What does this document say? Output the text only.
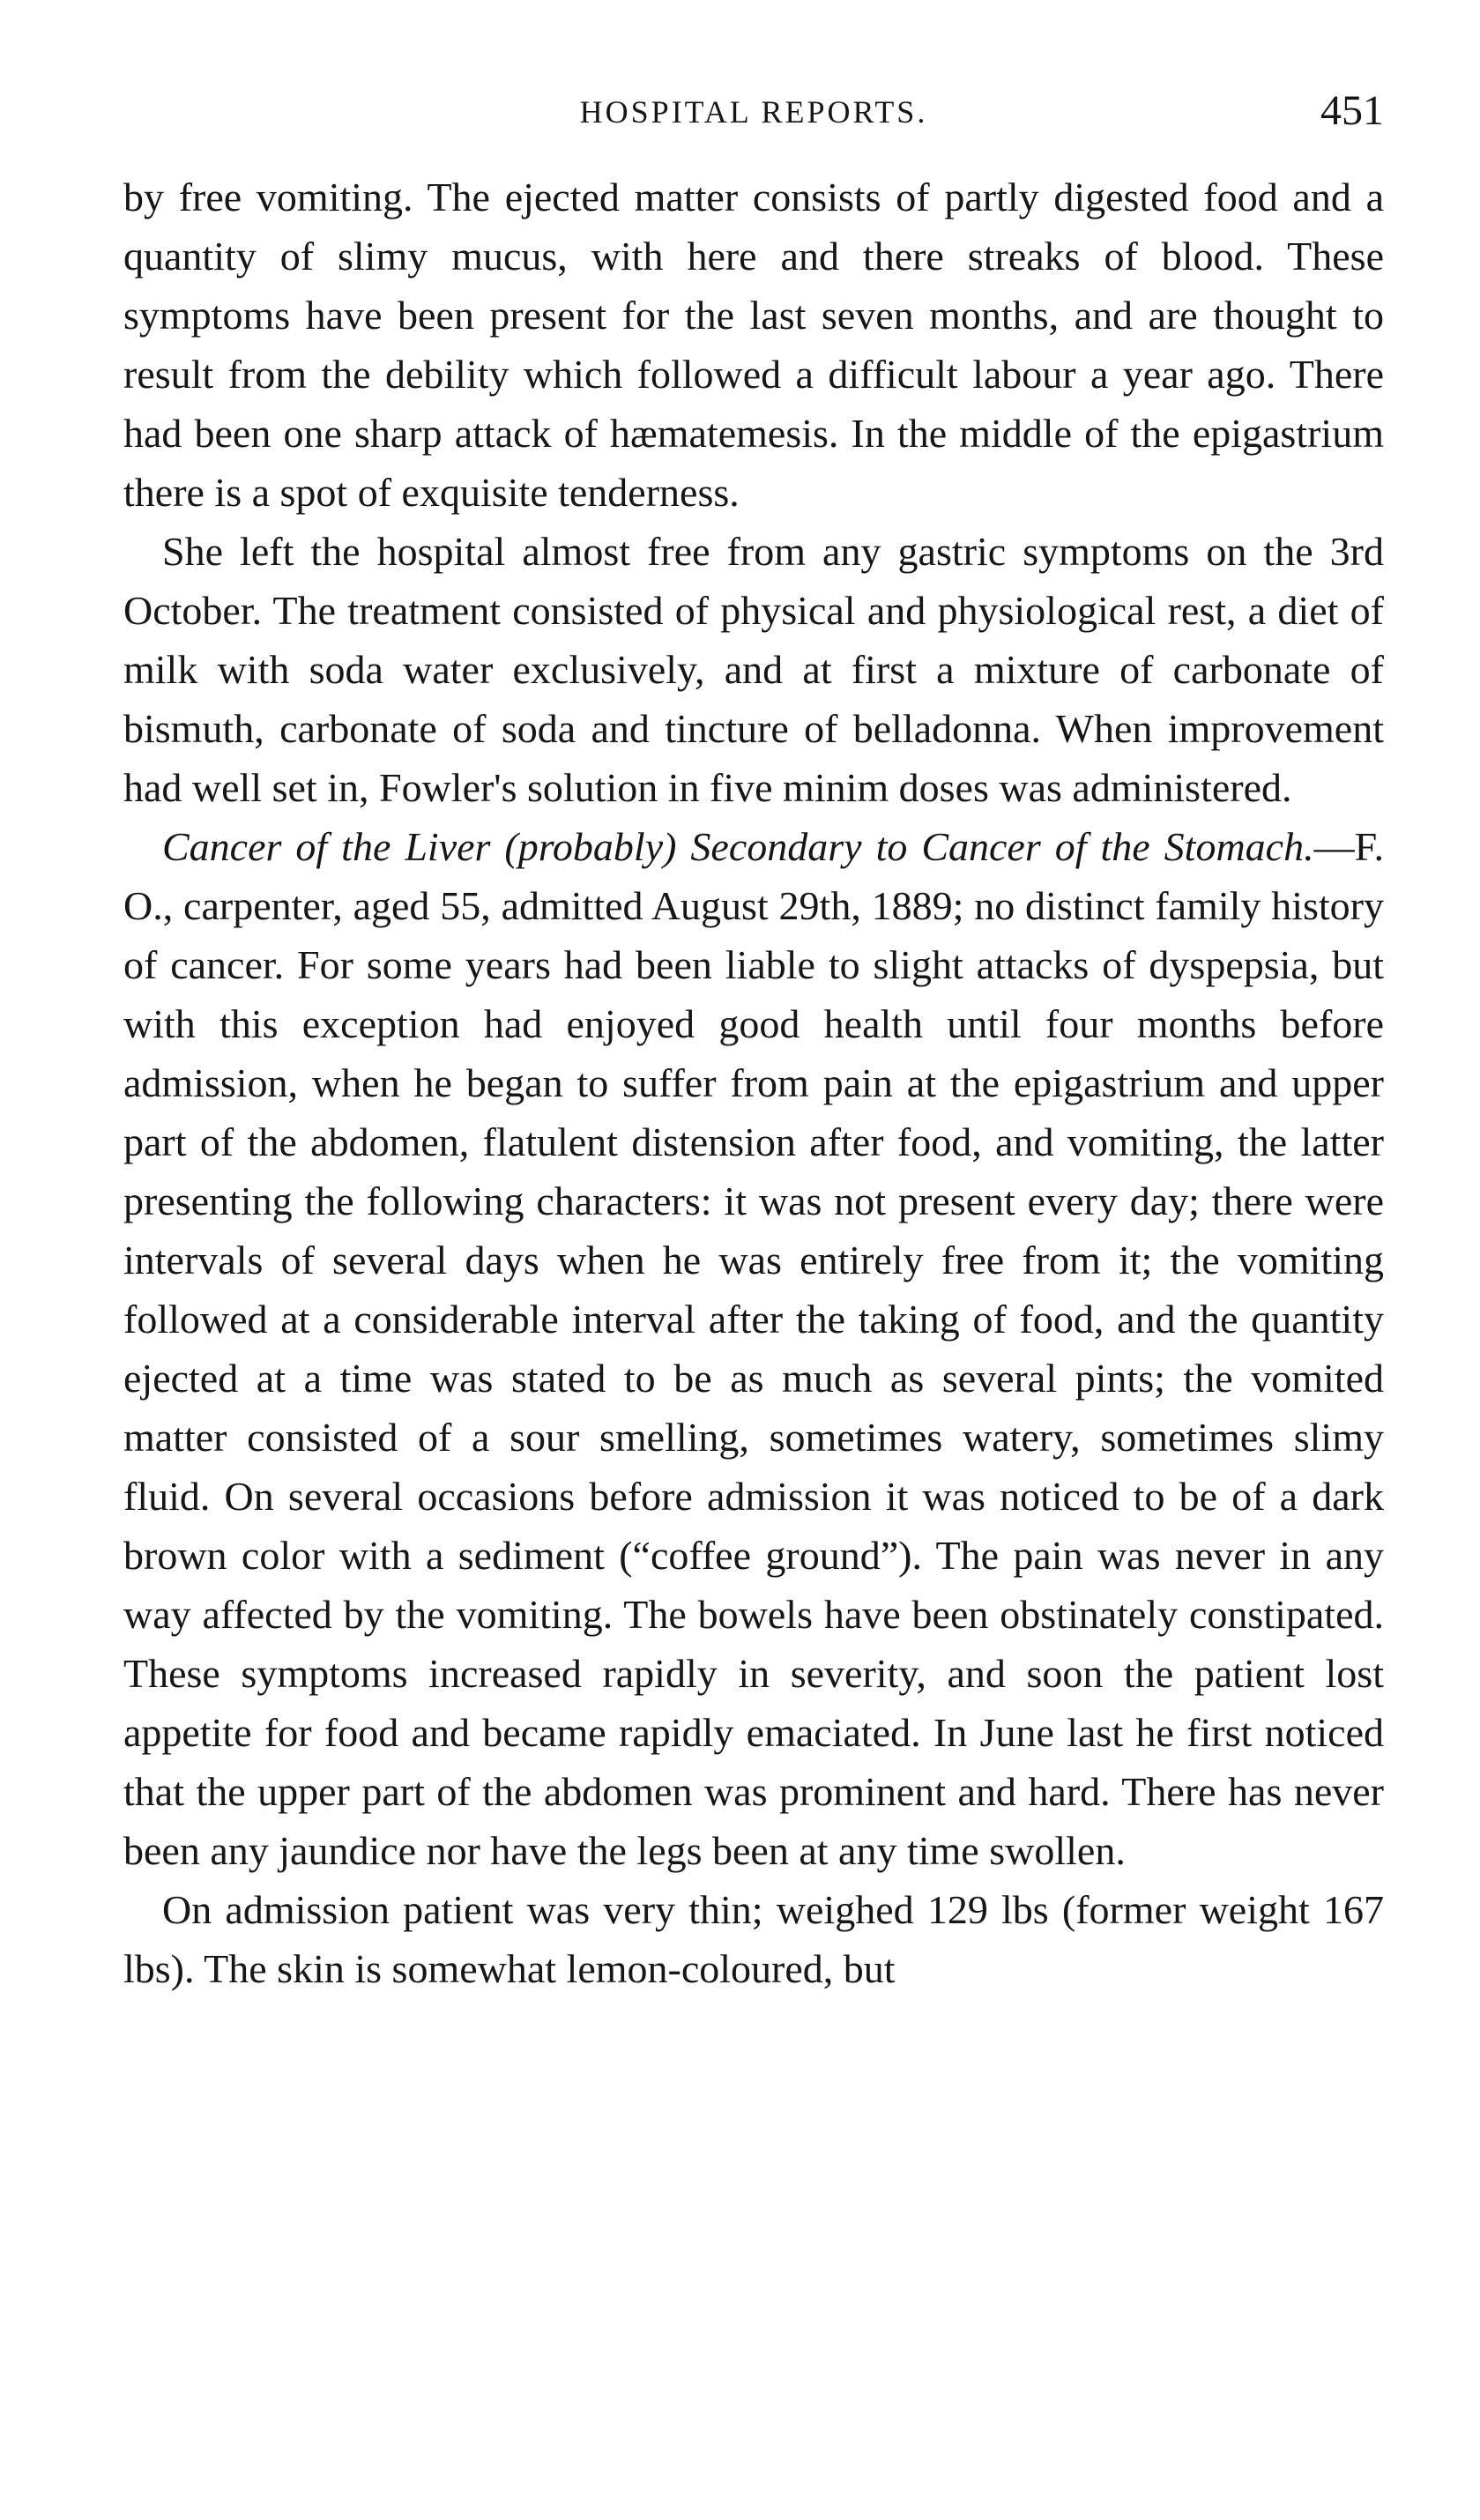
HOSPITAL REPORTS.	451

by free vomiting. The ejected matter consists of partly digested food and a quantity of slimy mucus, with here and there streaks of blood. These symptoms have been present for the last seven months, and are thought to result from the debility which followed a difficult labour a year ago. There had been one sharp attack of hæmatemesis. In the middle of the epigastrium there is a spot of exquisite tenderness.

She left the hospital almost free from any gastric symptoms on the 3rd October. The treatment consisted of physical and physiological rest, a diet of milk with soda water exclusively, and at first a mixture of carbonate of bismuth, carbonate of soda and tincture of belladonna. When improvement had well set in, Fowler's solution in five minim doses was administered.

Cancer of the Liver (probably) Secondary to Cancer of the Stomach.—F. O., carpenter, aged 55, admitted August 29th, 1889; no distinct family history of cancer. For some years had been liable to slight attacks of dyspepsia, but with this exception had enjoyed good health until four months before admission, when he began to suffer from pain at the epigastrium and upper part of the abdomen, flatulent distension after food, and vomiting, the latter presenting the following characters: it was not present every day; there were intervals of several days when he was entirely free from it; the vomiting followed at a considerable interval after the taking of food, and the quantity ejected at a time was stated to be as much as several pints; the vomited matter consisted of a sour smelling, sometimes watery, sometimes slimy fluid. On several occasions before admission it was noticed to be of a dark brown color with a sediment (“coffee ground”). The pain was never in any way affected by the vomiting. The bowels have been obstinately constipated. These symptoms increased rapidly in severity, and soon the patient lost appetite for food and became rapidly emaciated. In June last he first noticed that the upper part of the abdomen was prominent and hard. There has never been any jaundice nor have the legs been at any time swollen.

On admission patient was very thin; weighed 129 lbs (former weight 167 lbs). The skin is somewhat lemon-coloured, but
